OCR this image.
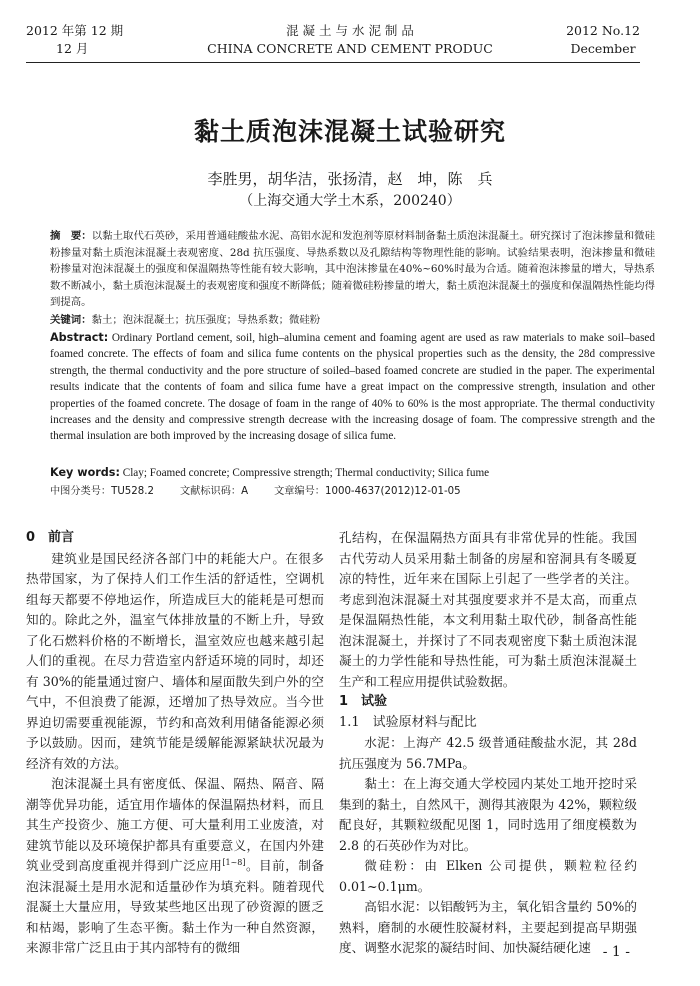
2012 年第 12 期
12 月
混 凝 土 与 水 泥 制 品
CHINA CONCRETE AND CEMENT PRODUC
2012 No.12
December
黏土质泡沫混凝土试验研究
李胜男，胡华洁，张扬清，赵　坤，陈　兵
（上海交通大学土木系，200240）
摘　要：以黏土取代石英砂，采用普通硅酸盐水泥、高铝水泥和发泡剂等原材料制备黏土质泡沫混凝土。研究探讨了泡沫掺量和微硅粉掺量对黏土质泡沫混凝土表观密度、28d 抗压强度、导热系数以及孔隙结构等物理性能的影响。试验结果表明，泡沫掺量和微硅粉掺量对泡沫混凝土的强度和保温隔热等性能有较大影响，其中泡沫掺量在40%~60%时最为合适。随着泡沫掺量的增大，导热系数不断减小，黏土质泡沫混凝土的表观密度和强度不断降低；随着微硅粉掺量的增大，黏土质泡沫混凝土的强度和保温隔热性能均得到提高。
关键词：黏土；泡沫混凝土；抗压强度；导热系数；微硅粉
Abstract: Ordinary Portland cement, soil, high–alumina cement and foaming agent are used as raw materials to make soil–based foamed concrete. The effects of foam and silica fume contents on the physical properties such as the density, the 28d compressive strength, the thermal conductivity and the pore structure of soiled–based foamed concrete are studied in the paper. The experimental results indicate that the contents of foam and silica fume have a great impact on the compressive strength, insulation and other properties of the foamed concrete. The dosage of foam in the range of 40% to 60% is the most appropriate. The thermal conductivity increases and the density and compressive strength decrease with the increasing dosage of foam. The compressive strength and the thermal insulation are both improved by the increasing dosage of silica fume.
Key words: Clay; Foamed concrete; Compressive strength; Thermal conductivity; Silica fume
中图分类号：TU528.2	文献标识码：A	文章编号：1000-4637(2012)12-01-05
0　前言

建筑业是国民经济各部门中的耗能大户。在很多热带国家，为了保持人们工作生活的舒适性，空调机组每天都要不停地运作，所造成巨大的能耗是可想而知的。除此之外，温室气体排放量的不断上升，导致了化石燃料价格的不断增长，温室效应也越来越引起人们的重视。在尽力营造室内舒适环境的同时，却还有 30%的能量通过窗户、墙体和屋面散失到户外的空气中，不但浪费了能源，还增加了热导效应。当今世界迫切需要重视能源，节约和高效利用储备能源必须予以鼓励。因而，建筑节能是缓解能源紧缺状况最为经济有效的方法。

泡沫混凝土具有密度低、保温、隔热、隔音、隔潮等优异功能，适宜用作墙体的保温隔热材料，而且其生产投资少、施工方便、可大量利用工业废渣，对建筑节能以及环境保护都具有重要意义，在国内外建筑业受到高度重视并得到广泛应用[1~8]。目前，制备泡沫混凝土是用水泥和适量砂作为填充料。随着现代混凝土大量应用，导致某些地区出现了砂资源的匮乏和枯竭，影响了生态平衡。黏土作为一种自然资源，来源非常广泛且由于其内部特有的微细

孔结构，在保温隔热方面具有非常优异的性能。我国古代劳动人员采用黏土制备的房屋和窑洞具有冬暖夏凉的特性，近年来在国际上引起了一些学者的关注。考虑到泡沫混凝土对其强度要求并不是太高，而重点是保温隔热性能，本文利用黏土取代砂，制备高性能泡沫混凝土，并探讨了不同表观密度下黏土质泡沫混凝土的力学性能和导热性能，可为黏土质泡沫混凝土生产和工程应用提供试验数据。

1　试验
1.1　试验原材料与配比

水泥：上海产 42.5 级普通硅酸盐水泥，其 28d 抗压强度为 56.7MPa。

黏土：在上海交通大学校园内某处工地开挖时采集到的黏土，自然风干，测得其液限为 42%，颗粒级配良好，其颗粒级配见图 1，同时选用了细度模数为 2.8 的石英砂作为对比。

微硅粉：由 Elken 公司提供，颗粒粒径约 0.01~0.1μm。

高铝水泥：以铝酸钙为主，氧化铝含量约 50%的熟料，磨制的水硬性胶凝材料，主要起到提高早期强度、调整水泥浆的凝结时间、加快凝结硬化速 - 1 -
